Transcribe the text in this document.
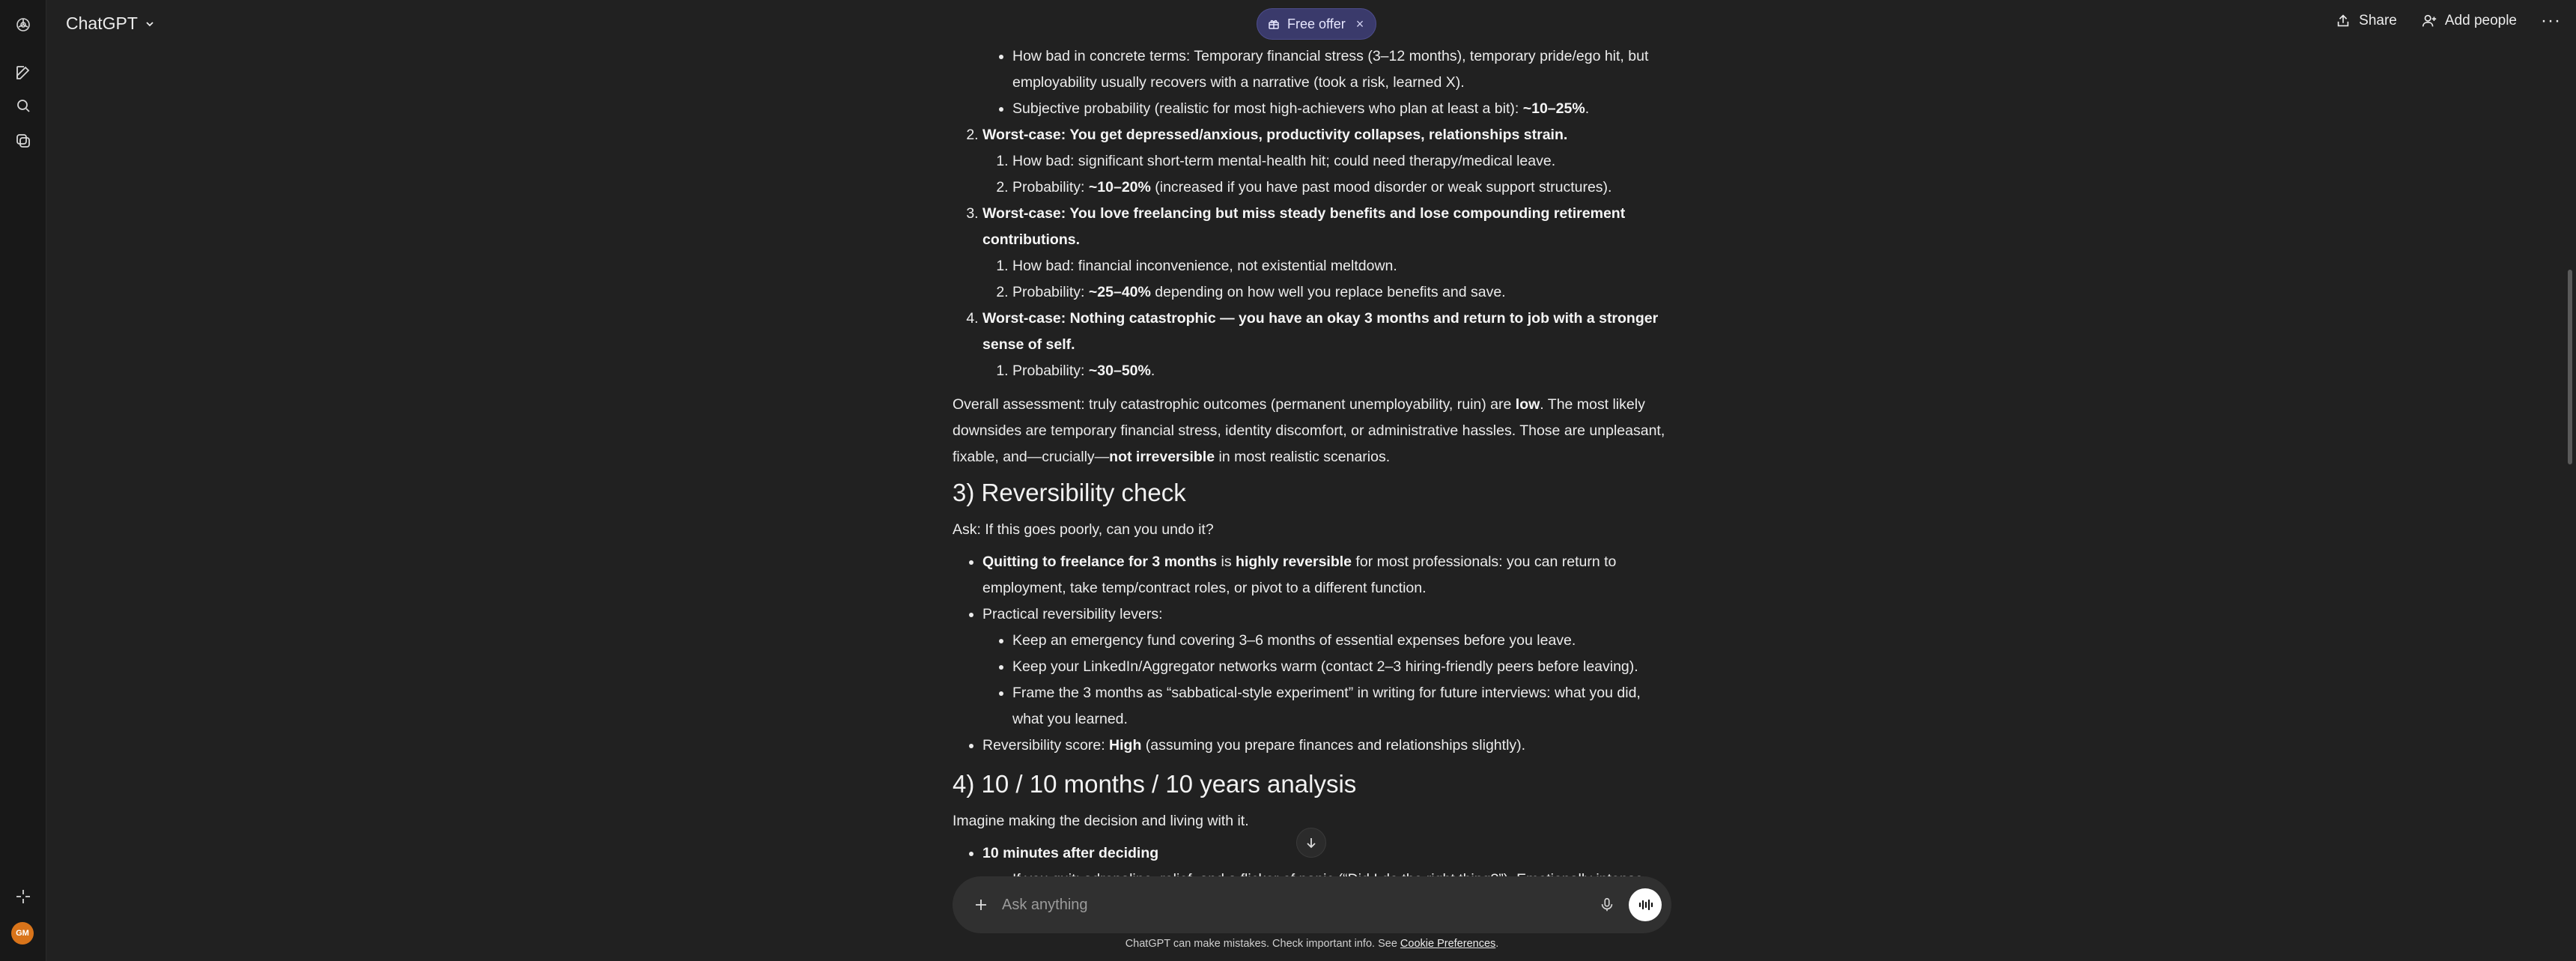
GM
ChatGPT	Free offer ×	Share	Add people ···
• How bad in concrete terms: Temporary financial stress (3–12 months), temporary pride/ego hit, but employability usually recovers with a narrative (took a risk, learned X).
• Subjective probability (realistic for most high-achievers who plan at least a bit): ~10–25%.
2. Worst-case: You get depressed/anxious, productivity collapses, relationships strain.
1. How bad: significant short-term mental-health hit; could need therapy/medical leave.
2. Probability: ~10–20% (increased if you have past mood disorder or weak support structures).
3. Worst-case: You love freelancing but miss steady benefits and lose compounding retirement contributions.
1. How bad: financial inconvenience, not existential meltdown.
2. Probability: ~25–40% depending on how well you replace benefits and save.
4. Worst-case: Nothing catastrophic — you have an okay 3 months and return to job with a stronger sense of self.
1. Probability: ~30–50%.

Overall assessment: truly catastrophic outcomes (permanent unemployability, ruin) are low. The most likely downsides are temporary financial stress, identity discomfort, or administrative hassles. Those are unpleasant, fixable, and—crucially—not irreversible in most realistic scenarios.

3) Reversibility check

Ask: If this goes poorly, can you undo it?

• Quitting to freelance for 3 months is highly reversible for most professionals: you can return to employment, take temp/contract roles, or pivot to a different function.
• Practical reversibility levers:
• Keep an emergency fund covering 3–6 months of essential expenses before you leave.
• Keep your LinkedIn/Aggregator networks warm (contact 2–3 hiring-friendly peers before leaving).
• Frame the 3 months as “sabbatical-style experiment” in writing for future interviews: what you did, what you learned.
• Reversibility score: High (assuming you prepare finances and relationships slightly).
4) 10 / 10 months / 10 years analysis

Imagine making the decision and living with it.

• 10 minutes after deciding
•
Ask anything
ChatGPT can make mistakes. Check important info. See Cookie Preferences.
